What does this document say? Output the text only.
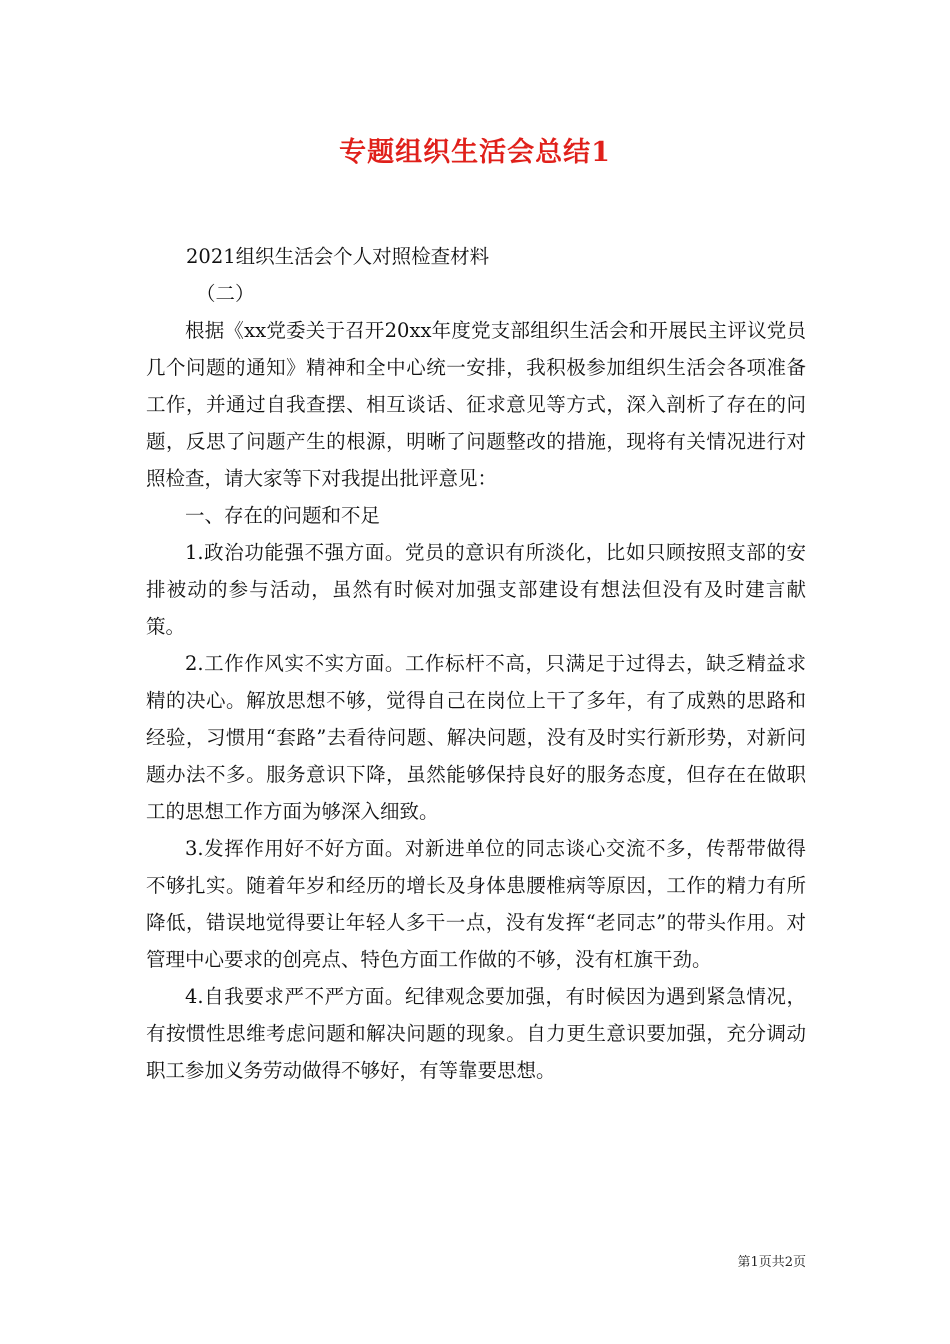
专题组织生活会总结1

2021组织生活会个人对照检查材料

（二）

根据《xx党委关于召开20xx年度党支部组织生活会和开展民主评议党员几个问题的通知》精神和全中心统一安排，我积极参加组织生活会各项准备工作，并通过自我查摆、相互谈话、征求意见等方式，深入剖析了存在的问题，反思了问题产生的根源，明晰了问题整改的措施，现将有关情况进行对照检查，请大家等下对我提出批评意见：

一、存在的问题和不足

1.政治功能强不强方面。党员的意识有所淡化，比如只顾按照支部的安排被动的参与活动，虽然有时候对加强支部建设有想法但没有及时建言献策。

2.工作作风实不实方面。工作标杆不高，只满足于过得去，缺乏精益求精的决心。解放思想不够，觉得自己在岗位上干了多年，有了成熟的思路和经验，习惯用“套路”去看待问题、解决问题，没有及时实行新形势，对新问题办法不多。服务意识下降，虽然能够保持良好的服务态度，但存在在做职工的思想工作方面为够深入细致。

3.发挥作用好不好方面。对新进单位的同志谈心交流不多，传帮带做得不够扎实。随着年岁和经历的增长及身体患腰椎病等原因，工作的精力有所降低，错误地觉得要让年轻人多干一点，没有发挥“老同志”的带头作用。对管理中心要求的创亮点、特色方面工作做的不够，没有杠旗干劲。

4.自我要求严不严方面。纪律观念要加强，有时候因为遇到紧急情况，有按惯性思维考虑问题和解决问题的现象。自力更生意识要加强，充分调动职工参加义务劳动做得不够好，有等靠要思想。

第1页共2页
